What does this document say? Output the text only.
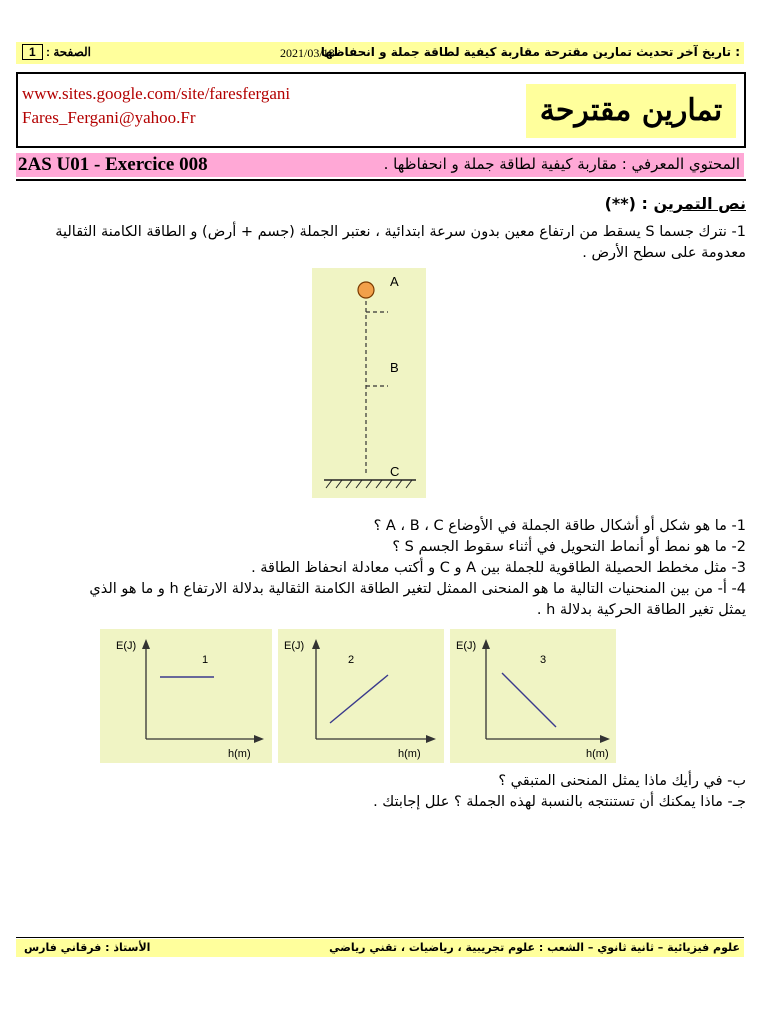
الصفحة : 1	2021/03/18
: تاريخ آخر تحديث تمارين مقترحة مقاربة كيفية لطاقة جملة و انحفاظها
www.sites.google.com/site/faresfergani
Fares_Fergani@yahoo.Fr	تمارين مقترحة
2AS U01 - Exercice 008	المحتوي المعرفي : مقاربة كيفية لطاقة جملة و انحفاظها .
نص التمرين : (**)
1- نترك جسما S يسقط من ارتفاع معين بدون سرعة ابتدائية ، نعتبر الجملة (جسم + أرض) و الطاقة الكامنة الثقالية
معدومة على سطح الأرض .
A
B
C
1- ما هو شكل أو أشكال طاقة الجملة في الأوضاع A ، B ، C ؟
2- ما هو نمط أو أنماط التحويل في أثناء سقوط الجسم S ؟
3- مثل مخطط الحصيلة الطاقوية للجملة بين A و C و أكتب معادلة انحفاظ الطاقة .
4- أ- من بين المنحنيات التالية ما هو المنحنى الممثل لتغير الطاقة الكامنة الثقالية بدلالة الارتفاع h و ما هو الذي
يمثل تغير الطاقة الحركية بدلالة h .
E(J)
1
h(m)
E(J)
2
h(m)
E(J)
3
h(m)
ب- في رأيك ماذا يمثل المنحنى المتبقي ؟
جـ- ماذا يمكنك أن تستنتجه بالنسبة لهذه الجملة ؟ علل إجابتك .
الأستاذ : فرقاني فارس	علوم فيزيائية – ثانية ثانوي – الشعب : علوم تجريبية ، رياضيات ، تقني رياضي
